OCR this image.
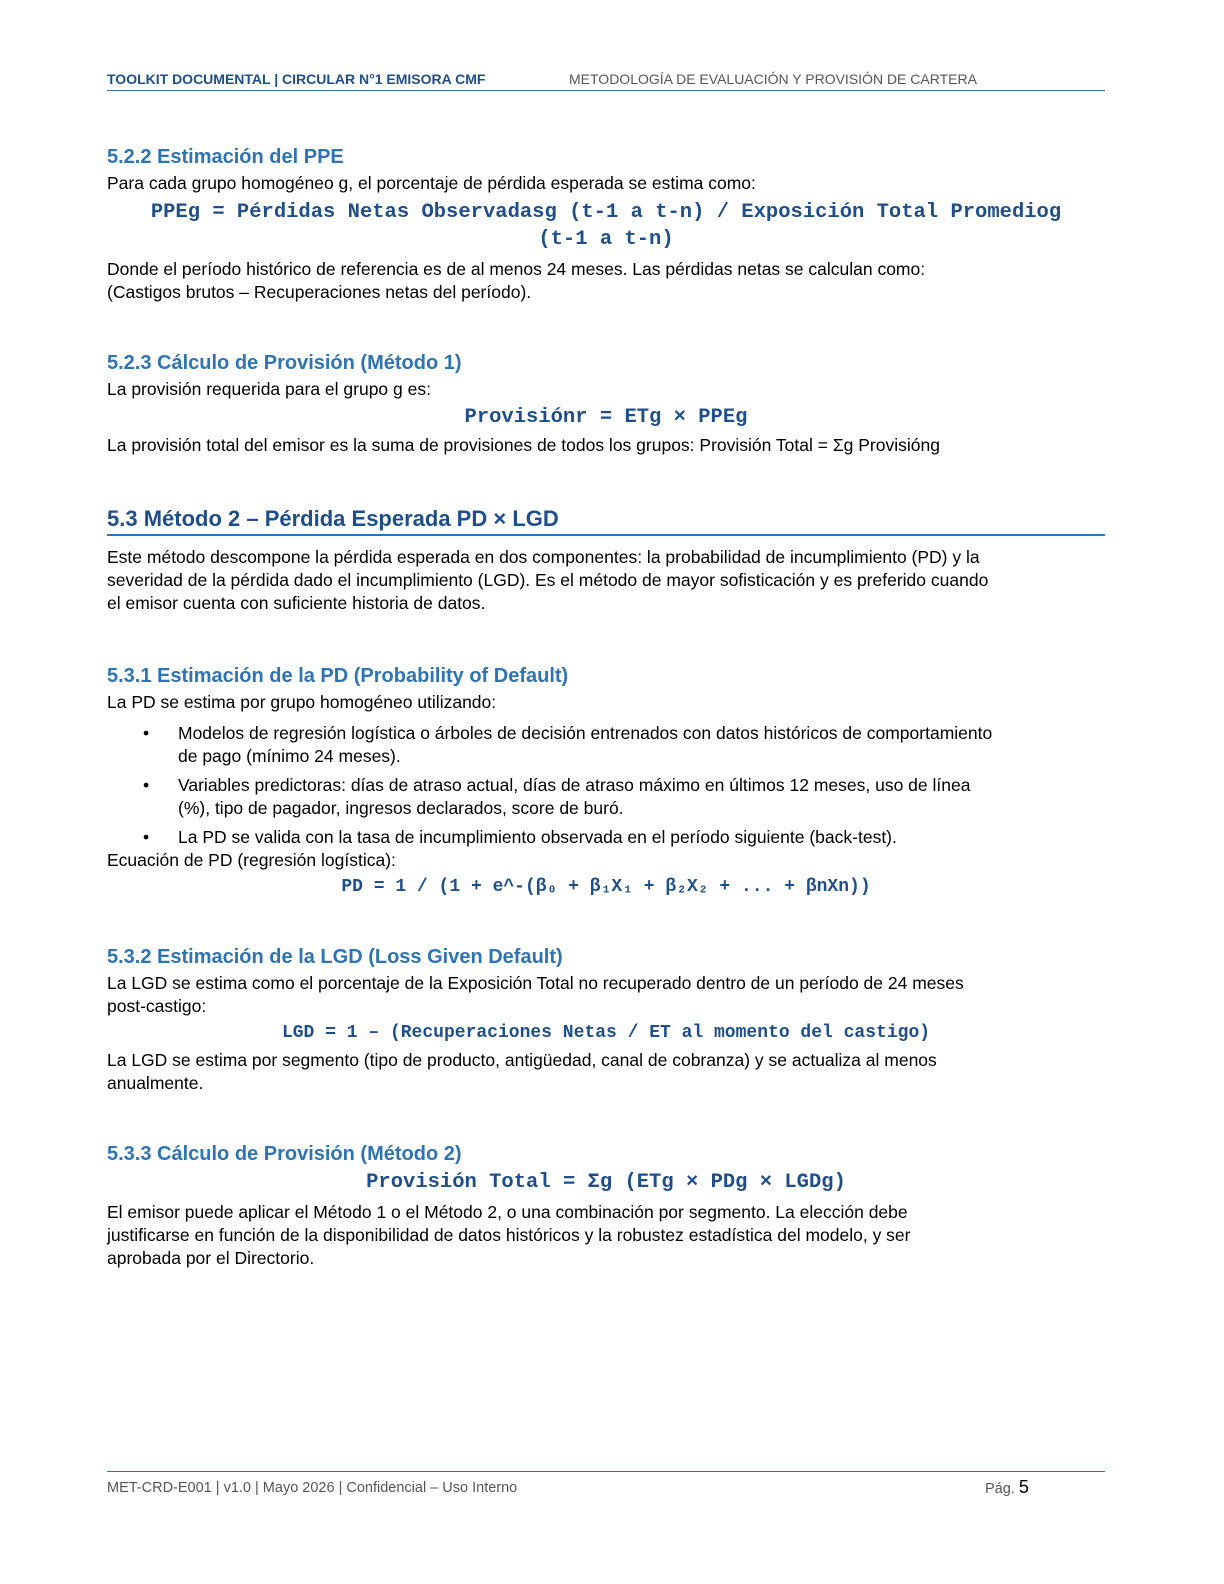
TOOLKIT DOCUMENTAL | CIRCULAR N°1 EMISORA CMF	METODOLOGÍA DE EVALUACIÓN Y PROVISIÓN DE CARTERA
5.2.2 Estimación del PPE

Para cada grupo homogéneo g, el porcentaje de pérdida esperada se estima como:

PPEg = Pérdidas Netas Observadasg (t-1 a t-n) / Exposición Total Promediog

(t-1 a t-n)

Donde el período histórico de referencia es de al menos 24 meses. Las pérdidas netas se calculan como:

(Castigos brutos – Recuperaciones netas del período).

5.2.3 Cálculo de Provisión (Método 1)

La provisión requerida para el grupo g es:

Provisiónr = ETg × PPEg

La provisión total del emisor es la suma de provisiones de todos los grupos: Provisión Total = Σg Provisióng

5.3 Método 2 – Pérdida Esperada PD × LGD

Este método descompone la pérdida esperada en dos componentes: la probabilidad de incumplimiento (PD) y la

severidad de la pérdida dado el incumplimiento (LGD). Es el método de mayor sofisticación y es preferido cuando

el emisor cuenta con suficiente historia de datos.

5.3.1 Estimación de la PD (Probability of Default)

La PD se estima por grupo homogéneo utilizando:

• Modelos de regresión logística o árboles de decisión entrenados con datos históricos de comportamiento
de pago (mínimo 24 meses).
• Variables predictoras: días de atraso actual, días de atraso máximo en últimos 12 meses, uso de línea
(%), tipo de pagador, ingresos declarados, score de buró.
• La PD se valida con la tasa de incumplimiento observada en el período siguiente (back-test).

Ecuación de PD (regresión logística):

PD = 1 / (1 + e^-(β₀ + β₁X₁ + β₂X₂ + ... + βnXn))

5.3.2 Estimación de la LGD (Loss Given Default)

La LGD se estima como el porcentaje de la Exposición Total no recuperado dentro de un período de 24 meses

post-castigo:

LGD = 1 – (Recuperaciones Netas / ET al momento del castigo)

La LGD se estima por segmento (tipo de producto, antigüedad, canal de cobranza) y se actualiza al menos

anualmente.

5.3.3 Cálculo de Provisión (Método 2)

Provisión Total = Σg (ETg × PDg × LGDg)

El emisor puede aplicar el Método 1 o el Método 2, o una combinación por segmento. La elección debe

justificarse en función de la disponibilidad de datos históricos y la robustez estadística del modelo, y ser

aprobada por el Directorio.

MET-CRD-E001 | v1.0 | Mayo 2026 | Confidencial – Uso Interno	Pág. 5
